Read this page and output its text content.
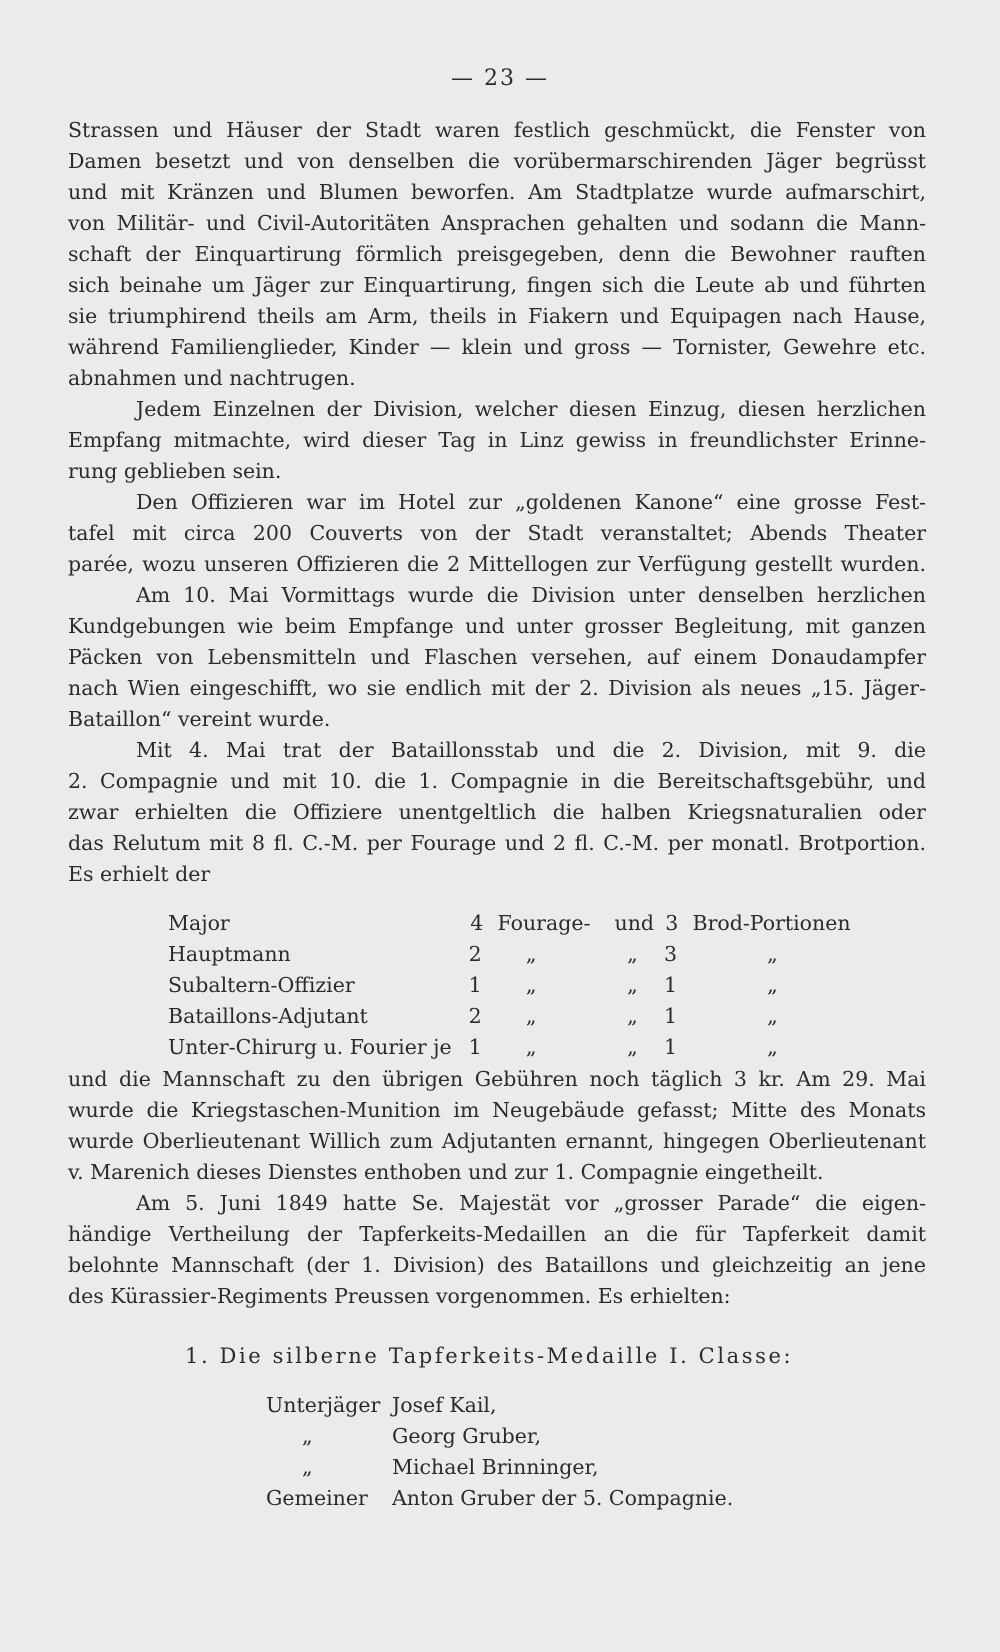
— 23 —

Strassen und Häuser der Stadt waren festlich geschmückt, die Fenster von
Damen besetzt und von denselben die vorübermarschirenden Jäger begrüsst
und mit Kränzen und Blumen beworfen. Am Stadtplatze wurde aufmarschirt,
von Militär- und Civil-Autoritäten Ansprachen gehalten und sodann die Mann-
schaft der Einquartirung förmlich preisgegeben, denn die Bewohner rauften
sich beinahe um Jäger zur Einquartirung, fingen sich die Leute ab und führten
sie triumphirend theils am Arm, theils in Fiakern und Equipagen nach Hause,
während Familienglieder, Kinder — klein und gross — Tornister, Gewehre etc.
abnahmen und nachtrugen.

Jedem Einzelnen der Division, welcher diesen Einzug, diesen herzlichen
Empfang mitmachte, wird dieser Tag in Linz gewiss in freundlichster Erinne-
rung geblieben sein.

Den Offizieren war im Hotel zur „goldenen Kanone“ eine grosse Fest-
tafel mit circa 200 Couverts von der Stadt veranstaltet; Abends Theater
parée, wozu unseren Offizieren die 2 Mittellogen zur Verfügung gestellt wurden.

Am 10. Mai Vormittags wurde die Division unter denselben herzlichen
Kundgebungen wie beim Empfange und unter grosser Begleitung, mit ganzen
Päcken von Lebensmitteln und Flaschen versehen, auf einem Donaudampfer
nach Wien eingeschifft, wo sie endlich mit der 2. Division als neues „15. Jäger-
Bataillon“ vereint wurde.

Mit 4. Mai trat der Bataillonsstab und die 2. Division, mit 9. die
2. Compagnie und mit 10. die 1. Compagnie in die Bereitschaftsgebühr, und
zwar erhielten die Offiziere unentgeltlich die halben Kriegsnaturalien oder
das Relutum mit 8 fl. C.-M. per Fourage und 2 fl. C.-M. per monatl. Brotportion.
Es erhielt der

Major	4 Fourage-	und 3 Brod-Portionen
Hauptmann	2	„	„	3	„
Subaltern-Offizier	1	„	„	1	„
Bataillons-Adjutant	2	„	„	1	„
Unter-Chirurg u. Fourier je 1	„	„	1	„

und die Mannschaft zu den übrigen Gebühren noch täglich 3 kr. Am 29. Mai
wurde die Kriegstaschen-Munition im Neugebäude gefasst; Mitte des Monats
wurde Oberlieutenant Willich zum Adjutanten ernannt, hingegen Oberlieutenant
v. Marenich dieses Dienstes enthoben und zur 1. Compagnie eingetheilt.

Am 5. Juni 1849 hatte Se. Majestät vor „grosser Parade“ die eigen-
händige Vertheilung der Tapferkeits-Medaillen an die für Tapferkeit damit
belohnte Mannschaft (der 1. Division) des Bataillons und gleichzeitig an jene
des Kürassier-Regiments Preussen vorgenommen. Es erhielten:

1. Die silberne Tapferkeits-Medaille I. Classe:
Unterjäger Josef Kail,
„	Georg Gruber,
„	Michael Brinninger,
Gemeiner	Anton Gruber der 5. Compagnie.
